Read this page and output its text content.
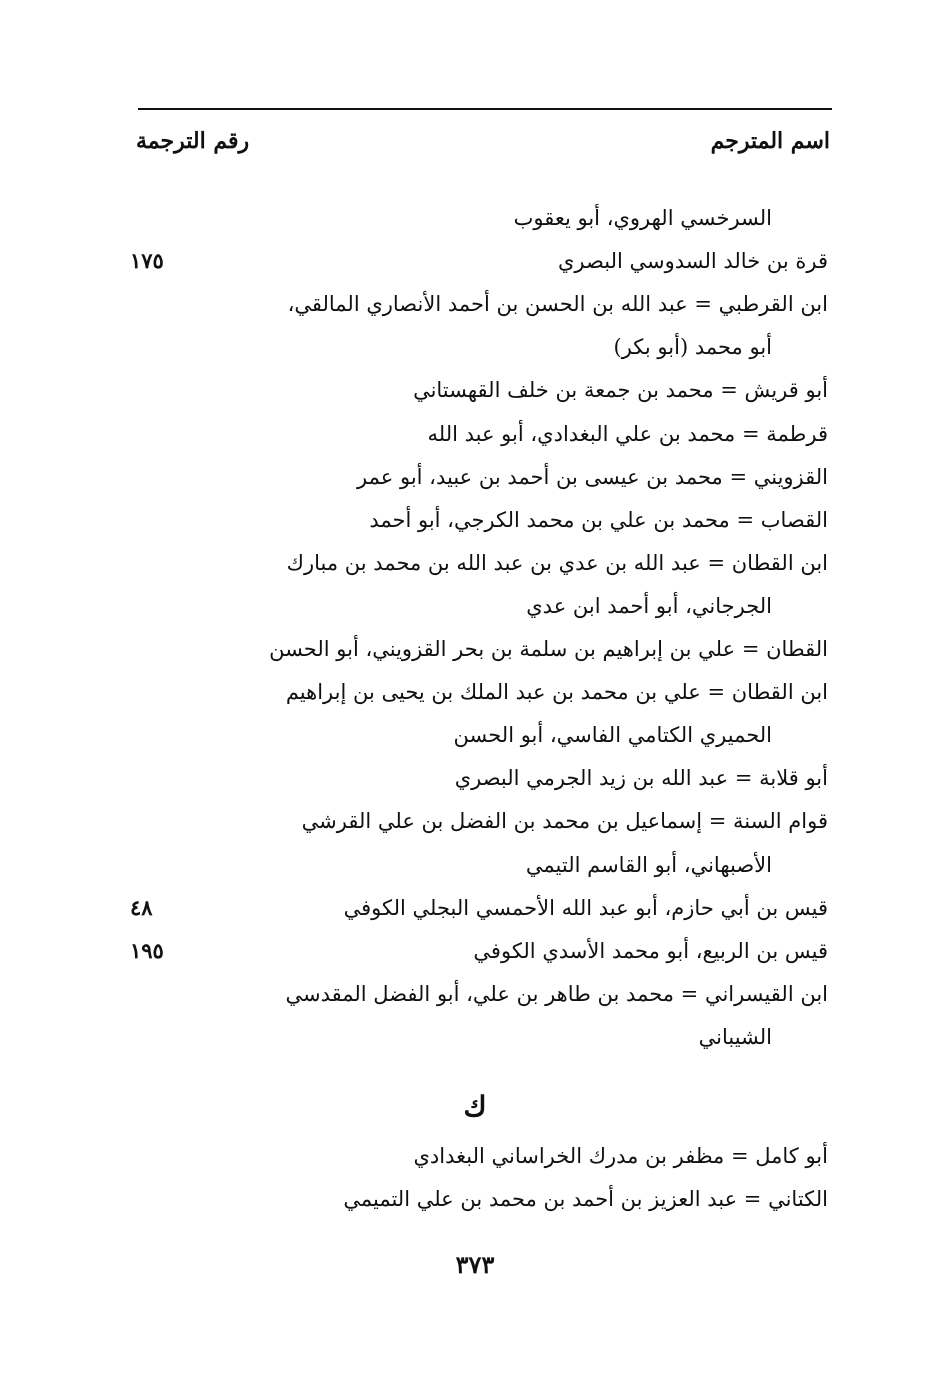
اسم المترجم
رقم الترجمة
السرخسي الهروي، أبو يعقوب
قرة بن خالد السدوسي البصري
١٧٥
ابن القرطبي = عبد الله بن الحسن بن أحمد الأنصاري المالقي،
أبو محمد (أبو بكر)
أبو قريش = محمد بن جمعة بن خلف القهستاني
قرطمة = محمد بن علي البغدادي، أبو عبد الله
القزويني = محمد بن عيسى بن أحمد بن عبيد، أبو عمر
القصاب = محمد بن علي بن محمد الكرجي، أبو أحمد
ابن القطان = عبد الله بن عدي بن عبد الله بن محمد بن مبارك
الجرجاني، أبو أحمد ابن عدي
القطان = علي بن إبراهيم بن سلمة بن بحر القزويني، أبو الحسن
ابن القطان = علي بن محمد بن عبد الملك بن يحيى بن إبراهيم
الحميري الكتامي الفاسي، أبو الحسن
أبو قلابة = عبد الله بن زيد الجرمي البصري
قوام السنة = إسماعيل بن محمد بن الفضل بن علي القرشي
الأصبهاني، أبو القاسم التيمي
قيس بن أبي حازم، أبو عبد الله الأحمسي البجلي الكوفي
٤٨
قيس بن الربيع، أبو محمد الأسدي الكوفي
١٩٥
ابن القيسراني = محمد بن طاهر بن علي، أبو الفضل المقدسي
الشيباني
ك
أبو كامل = مظفر بن مدرك الخراساني البغدادي
الكتاني = عبد العزيز بن أحمد بن محمد بن علي التميمي
٣٧٣
